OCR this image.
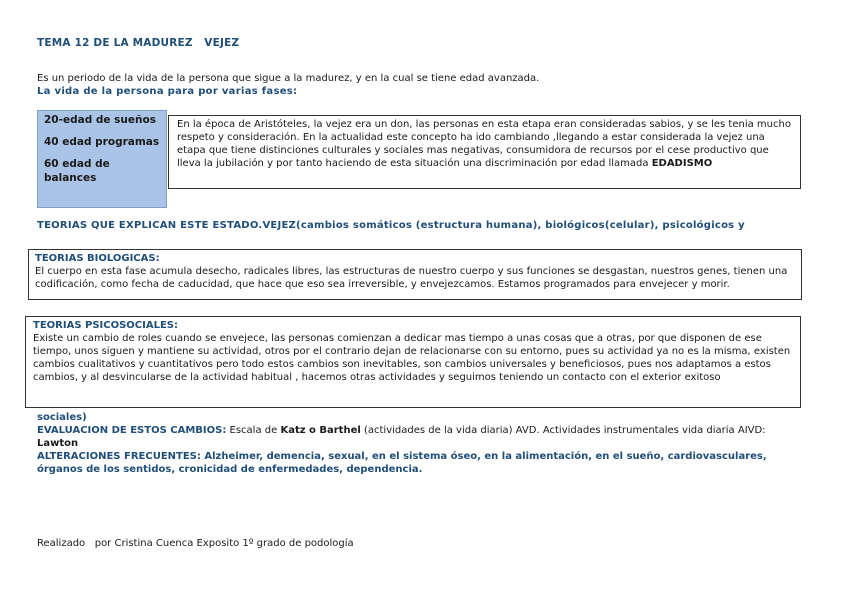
TEMA 12 DE LA MADUREZ   VEJEZ
Es un periodo de la vida de la persona que sigue a la madurez, y en la cual se tiene edad avanzada.
La vida de la persona para por varias fases:
20-edad de sueños
40 edad programas
60 edad de balances
En la época de Aristóteles, la vejez era un don, las personas en esta etapa eran consideradas sabios, y se les tenia mucho respeto y consideración. En la actualidad este concepto ha ido cambiando ,llegando a estar considerada la vejez una etapa que tiene distinciones culturales y sociales mas negativas, consumidora de recursos por el cese productivo que lleva la jubilación y por tanto haciendo de esta situación una discriminación por edad llamada EDADISMO
TEORIAS QUE EXPLICAN ESTE ESTADO.VEJEZ(cambios somáticos (estructura humana), biológicos(celular), psicológicos y
TEORIAS BIOLOGICAS:
El cuerpo en esta fase acumula desecho, radicales libres, las estructuras de nuestro cuerpo y sus funciones se desgastan, nuestros genes, tienen una codificación, como fecha de caducidad, que hace que eso sea irreversible, y envejezcamos. Estamos programados para envejecer y morir.
TEORIAS PSICOSOCIALES:
Existe un cambio de roles cuando se envejece, las personas comienzan a dedicar mas tiempo a unas cosas que a otras, por que disponen de ese tiempo, unos siguen y mantiene su actividad, otros por el contrario dejan de relacionarse con su entorno, pues su actividad ya no es la misma, existen cambios cualitativos y cuantitativos pero todo estos cambios son inevitables, son cambios universales y beneficiosos, pues nos adaptamos a estos cambios, y al desvincularse de la actividad habitual , hacemos otras actividades y seguimos teniendo un contacto con el exterior exitoso
sociales)
EVALUACION DE ESTOS CAMBIOS: Escala de Katz o Barthel (actividades de la vida diaria) AVD. Actividades instrumentales vida diaria AIVD: Lawton
ALTERACIONES FRECUENTES: Alzheimer, demencia, sexual, en el sistema óseo, en la alimentación, en el sueño, cardiovasculares, órganos de los sentidos, cronicidad de enfermedades, dependencia.
Realizado   por Cristina Cuenca Exposito 1º grado de podología
